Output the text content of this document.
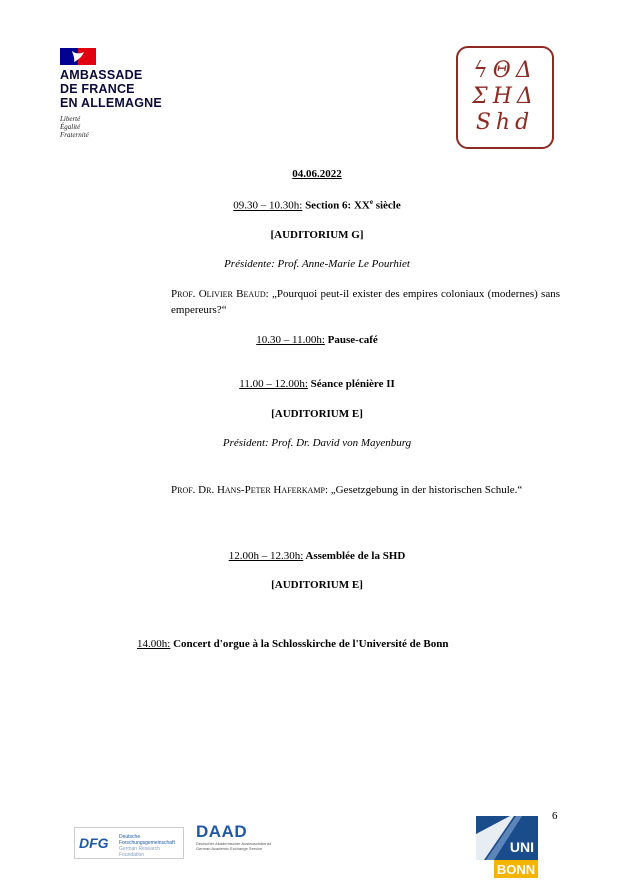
AMBASSADE
DE FRANCE
EN ALLEMAGNE
Liberté
Égalité
Fraternité
ϟΘΔ
ΣΗΔ
Shd
04.06.2022
09.30 – 10.30h: Section 6: XXe siècle
[AUDITORIUM G]
Présidente: Prof. Anne-Marie Le Pourhiet
Prof. Olivier Beaud: „Pourquoi peut-il exister des empires coloniaux (modernes) sans empereurs?“
10.30 – 11.00h: Pause-café
11.00 – 12.00h: Séance plénière II
[AUDITORIUM E]
Président: Prof. Dr. David von Mayenburg
Prof. Dr. Hans-Peter Haferkamp: „Gesetzgebung in der historischen Schule.“
12.00h – 12.30h: Assemblée de la SHD
[AUDITORIUM E]
14.00h: Concert d'orgue à la Schlosskirche de l'Université de Bonn
6
DFG Deutsche
Forschungsgemeinschaft
German Research Foundation
DAAD
Deutscher Akademischer Austauschdienst
German Academic Exchange Service	UNI
BONN
